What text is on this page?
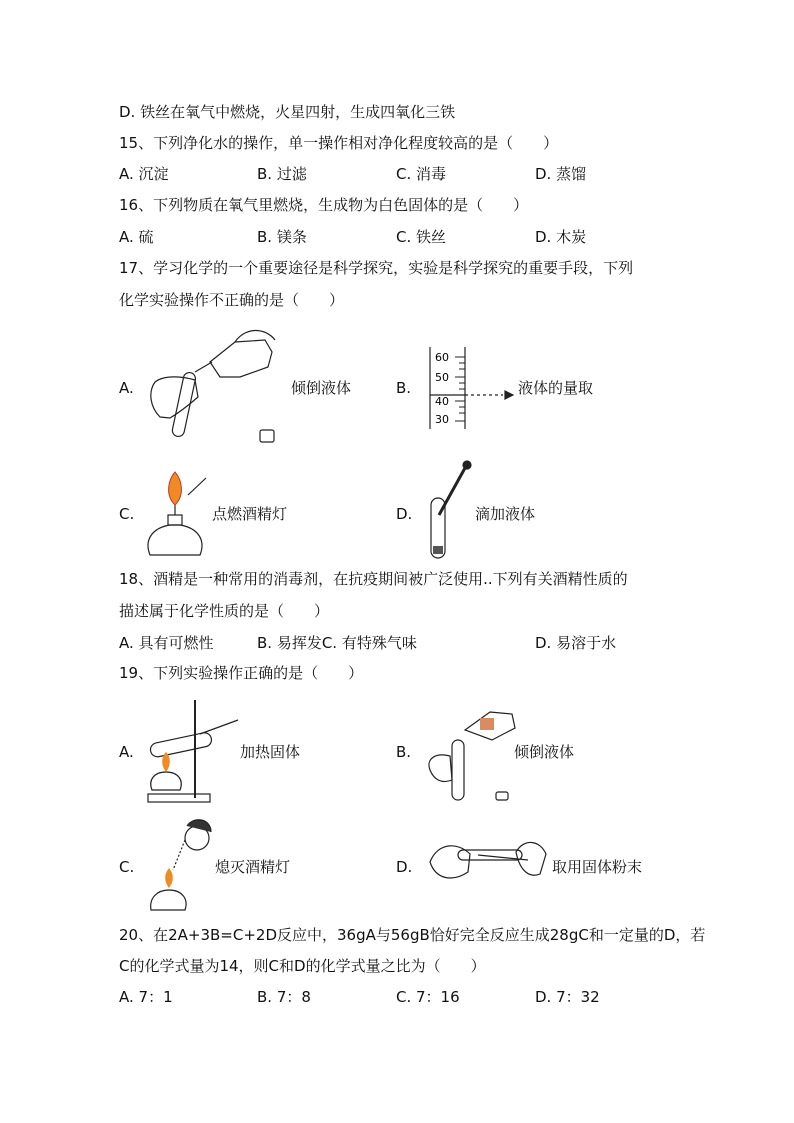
D. 铁丝在氧气中燃烧，火星四射，生成四氧化三铁
15、下列净化水的操作，单一操作相对净化程度较高的是（　　）
A. 沉淀	B. 过滤	C. 消毒	D. 蒸馏
16、下列物质在氧气里燃烧，生成物为白色固体的是（　　）
A. 硫	B. 镁条	C. 铁丝	D. 木炭
17、学习化学的一个重要途径是科学探究，实验是科学探究的重要手段，下列
化学实验操作不正确的是（　　）
A.	倾倒液体	B.
60
50
40
30
液体的量取
C.	点燃酒精灯	D.	滴加液体
18、酒精是一种常用的消毒剂，在抗疫期间被广泛使用..下列有关酒精性质的
描述属于化学性质的是（　　）
A. 具有可燃性	B. 易挥发C. 有特殊气味	D. 易溶于水
19、下列实验操作正确的是（　　）
A.	加热固体	B.	倾倒液体
C.	熄灭酒精灯	D.	取用固体粉末
20、在2A+3B=C+2D反应中，36gA与56gB恰好完全反应生成28gC和一定量的D，若
C的化学式量为14，则C和D的化学式量之比为（　　）
A. 7：1	B. 7：8	C. 7：16	D. 7：32
